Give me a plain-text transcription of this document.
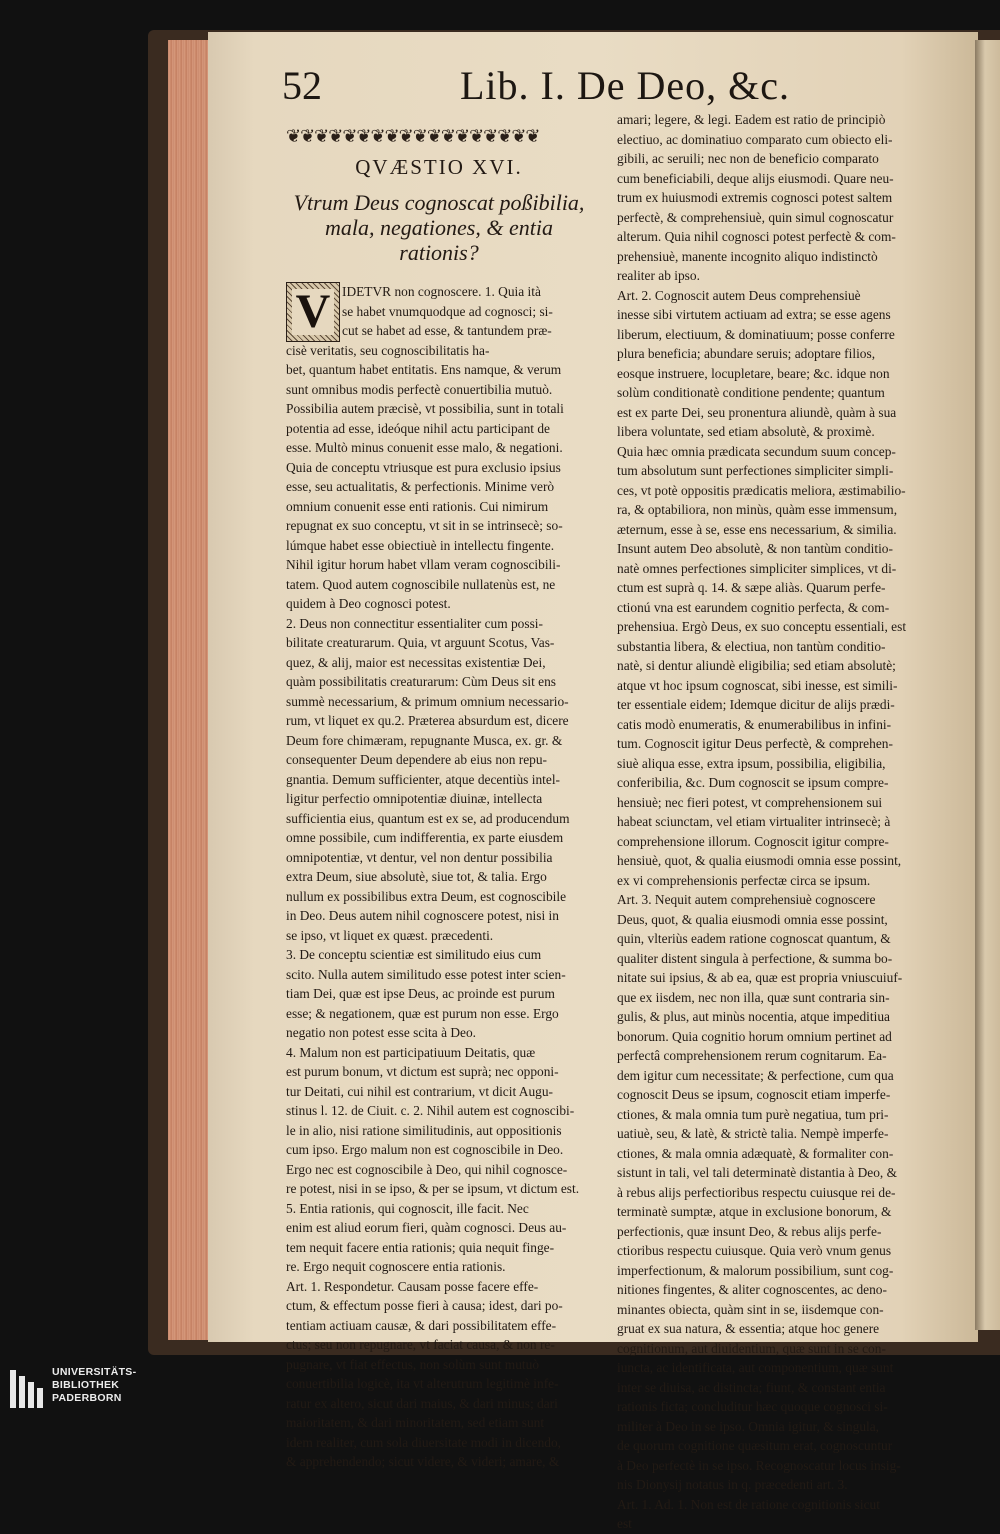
52	Lib. I. De Deo, &c.
❦❦❦❦❦❦❦❦❦❦❦❦❦❦❦❦❦❦
QVÆSTIO XVI.
Vtrum Deus cognoscat poßibilia,
mala, negationes, & entia
rationis?
V IDETVR non cognoscere. 1. Quia ità
se habet vnumquodque ad cognosci; si-
cut se habet ad esse, & tantundem præ-
cisè veritatis, seu cognoscibilitatis ha-
bet, quantum habet entitatis. Ens namque, & verum
sunt omnibus modis perfectè conuertibilia mutuò.
Possibilia autem præcisè, vt possibilia, sunt in totali
potentia ad esse, ideóque nihil actu participant de
esse. Multò minus conuenit esse malo, & negationi.
Quia de conceptu vtriusque est pura exclusio ipsius
esse, seu actualitatis, & perfectionis. Minime verò
omnium conuenit esse enti rationis. Cui nimirum
repugnat ex suo conceptu, vt sit in se intrinsecè; so-
lúmque habet esse obiectiuè in intellectu fingente.
Nihil igitur horum habet vllam veram cognoscibili-
tatem. Quod autem cognoscibile nullatenùs est, ne
quidem à Deo cognosci potest.
2. Deus non connectitur essentialiter cum possi-
bilitate creaturarum. Quia, vt arguunt Scotus, Vas-
quez, & alij, maior est necessitas existentiæ Dei,
quàm possibilitatis creaturarum: Cùm Deus sit ens
summè necessarium, & primum omnium necessario-
rum, vt liquet ex qu.2. Præterea absurdum est, dicere
Deum fore chimæram, repugnante Musca, ex. gr. &
consequenter Deum dependere ab eius non repu-
gnantia. Demum sufficienter, atque decentiùs intel-
ligitur perfectio omnipotentiæ diuinæ, intellecta
sufficientia eius, quantum est ex se, ad producendum
omne possibile, cum indifferentia, ex parte eiusdem
omnipotentiæ, vt dentur, vel non dentur possibilia
extra Deum, siue absolutè, siue tot, & talia. Ergo
nullum ex possibilibus extra Deum, est cognoscibile
in Deo. Deus autem nihil cognoscere potest, nisi in
se ipso, vt liquet ex quæst. præcedenti.
3. De conceptu scientiæ est similitudo eius cum
scito. Nulla autem similitudo esse potest inter scien-
tiam Dei, quæ est ipse Deus, ac proinde est purum
esse; & negationem, quæ est purum non esse. Ergo
negatio non potest esse scita à Deo.
4. Malum non est participatiuum Deitatis, quæ
est purum bonum, vt dictum est suprà; nec opponi-
tur Deitati, cui nihil est contrarium, vt dicit Augu-
stinus l. 12. de Ciuit. c. 2. Nihil autem est cognoscibi-
le in alio, nisi ratione similitudinis, aut oppositionis
cum ipso. Ergo malum non est cognoscibile in Deo.
Ergo nec est cognoscibile à Deo, qui nihil cognosce-
re potest, nisi in se ipso, & per se ipsum, vt dictum est.
5. Entia rationis, qui cognoscit, ille facit. Nec
enim est aliud eorum fieri, quàm cognosci. Deus au-
tem nequit facere entia rationis; quia nequit finge-
re. Ergo nequit cognoscere entia rationis.
Art. 1. Respondetur. Causam posse facere effe-
ctum, & effectum posse fieri à causa; idest, dari po-
tentiam actiuam causæ, & dari possibilitatem effe-
ctus; seu non repugnare, vt faciat causa, & non re-
pugnare, vt fiat effectus, non solùm sunt mutuò
conuertibilia logicè, ita vt alterutrum legitimè infe-
ratur ex altero, sicut dari maius, & dari minus; dari
maioritatem, & dari minoritatem, sed etiam sunt
idem realiter, cum sola diuersitate modi in dicendo,
& apprehendendo; sicut videre, & videri; amare, &
amari; legere, & legi. Eadem est ratio de principiò
electiuo, ac dominatiuo comparato cum obiecto eli-
gibili, ac seruili; nec non de beneficio comparato
cum beneficiabili, deque alijs eiusmodi. Quare neu-
trum ex huiusmodi extremis cognosci potest saltem
perfectè, & comprehensiuè, quin simul cognoscatur
alterum. Quia nihil cognosci potest perfectè & com-
prehensiuè, manente incognito aliquo indistinctò
realiter ab ipso.
Art. 2. Cognoscit autem Deus comprehensiuè
inesse sibi virtutem actiuam ad extra; se esse agens
liberum, electiuum, & dominatiuum; posse conferre
plura beneficia; abundare seruis; adoptare filios,
eosque instruere, locupletare, beare; &c. idque non
solùm conditionatè conditione pendente; quantum
est ex parte Dei, seu pronentura aliundè, quàm à sua
libera voluntate, sed etiam absolutè, & proximè.
Quia hæc omnia prædicata secundum suum concep-
tum absolutum sunt perfectiones simpliciter simpli-
ces, vt potè oppositis prædicatis meliora, æstimabilio-
ra, & optabiliora, non minùs, quàm esse immensum,
æternum, esse à se, esse ens necessarium, & similia.
Insunt autem Deo absolutè, & non tantùm conditio-
natè omnes perfectiones simpliciter simplices, vt di-
ctum est suprà q. 14. & sæpe aliàs. Quarum perfe-
ctionú vna est earundem cognitio perfecta, & com-
prehensiua. Ergò Deus, ex suo conceptu essentiali, est
substantia libera, & electiua, non tantùm conditio-
natè, si dentur aliundè eligibilia; sed etiam absolutè;
atque vt hoc ipsum cognoscat, sibi inesse, est simili-
ter essentiale eidem; Idemque dicitur de alijs prædi-
catis modò enumeratis, & enumerabilibus in infini-
tum. Cognoscit igitur Deus perfectè, & comprehen-
siuè aliqua esse, extra ipsum, possibilia, eligibilia,
conferibilia, &c. Dum cognoscit se ipsum compre-
hensiuè; nec fieri potest, vt comprehensionem sui
habeat sciunctam, vel etiam virtualiter intrinsecè; à
comprehensione illorum. Cognoscit igitur compre-
hensiuè, quot, & qualia eiusmodi omnia esse possint,
ex vi comprehensionis perfectæ circa se ipsum.
Art. 3. Nequit autem comprehensiuè cognoscere
Deus, quot, & qualia eiusmodi omnia esse possint,
quin, vlteriùs eadem ratione cognoscat quantum, &
qualiter distent singula à perfectione, & summa bo-
nitate sui ipsius, & ab ea, quæ est propria vniuscuiuf-
que ex iisdem, nec non illa, quæ sunt contraria sin-
gulis, & plus, aut minùs nocentia, atque impeditiua
bonorum. Quia cognitio horum omnium pertinet ad
perfectâ comprehensionem rerum cognitarum. Ea-
dem igitur cum necessitate; & perfectione, cum qua
cognoscit Deus se ipsum, cognoscit etiam imperfe-
ctiones, & mala omnia tum purè negatiua, tum pri-
uatiuè, seu, & latè, & strictè talia. Nempè imperfe-
ctiones, & mala omnia adæquatè, & formaliter con-
sistunt in tali, vel tali determinatè distantia à Deo, &
à rebus alijs perfectioribus respectu cuiusque rei de-
terminatè sumptæ, atque in exclusione bonorum, &
perfectionis, quæ insunt Deo, & rebus alijs perfe-
ctioribus respectu cuiusque. Quia verò vnum genus
imperfectionum, & malorum possibilium, sunt cog-
nitiones fingentes, & aliter cognoscentes, ac deno-
minantes obiecta, quàm sint in se, iisdemque con-
gruat ex sua natura, & essentia; atque hoc genere
cognitionum, aut diuidentium, quæ sunt in se con-
iuncta, ac identificata, aut componentium, quæ sunt
inter se diuisa, ac distincta; fiunt, & constant entia
rationis ficta; concluditur hæc quoque cognosci si-
militer à Deo in se ipso. Omnia igitur, & singula,
de quorum cognitione quæsitum erat, cognoscuntur
à Deo perfectè in se ipso. Recognoscatur locus insig-
nis Dionysij notatus in q. præcedenti art. 3.
Art. 1. Ad. 1. Non est de ratione cognitionis sicut
est
UNIVERSITÄTS-
BIBLIOTHEK
PADERBORN
